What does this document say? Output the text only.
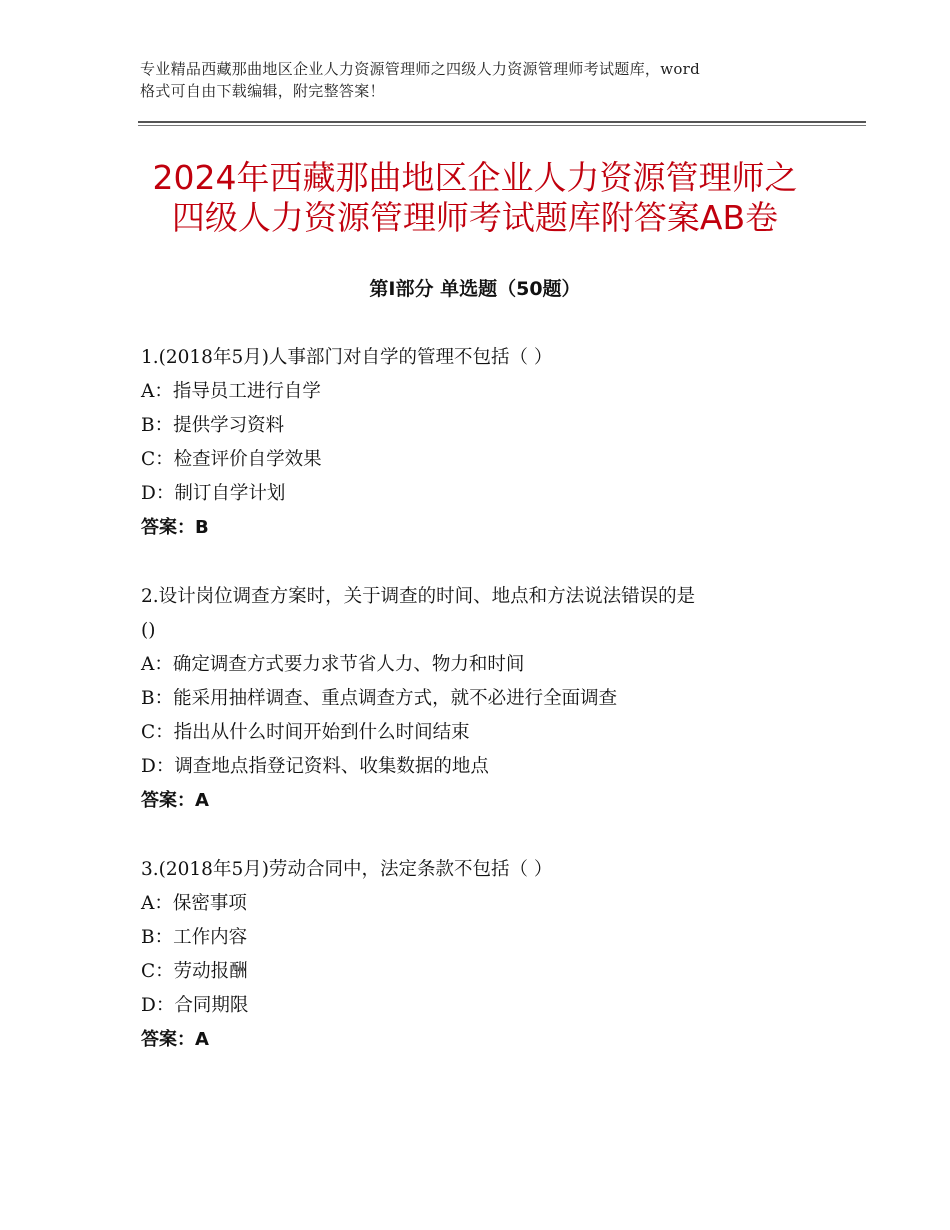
专业精品西藏那曲地区企业人力资源管理师之四级人力资源管理师考试题库，word
格式可自由下载编辑，附完整答案！
2024年西藏那曲地区企业人力资源管理师之
四级人力资源管理师考试题库附答案AB卷
第Ⅰ部分 单选题（50题）
1.(2018年5月)人事部门对自学的管理不包括（ ）
A：指导员工进行自学
B：提供学习资料
C：检查评价自学效果
D：制订自学计划
答案：B
2.设计岗位调查方案时，关于调查的时间、地点和方法说法错误的是
()
A：确定调查方式要力求节省人力、物力和时间
B：能采用抽样调查、重点调查方式，就不必进行全面调查
C：指出从什么时间开始到什么时间结束
D：调查地点指登记资料、收集数据的地点
答案：A
3.(2018年5月)劳动合同中，法定条款不包括（ ）
A：保密事项
B：工作内容
C：劳动报酬
D：合同期限
答案：A
